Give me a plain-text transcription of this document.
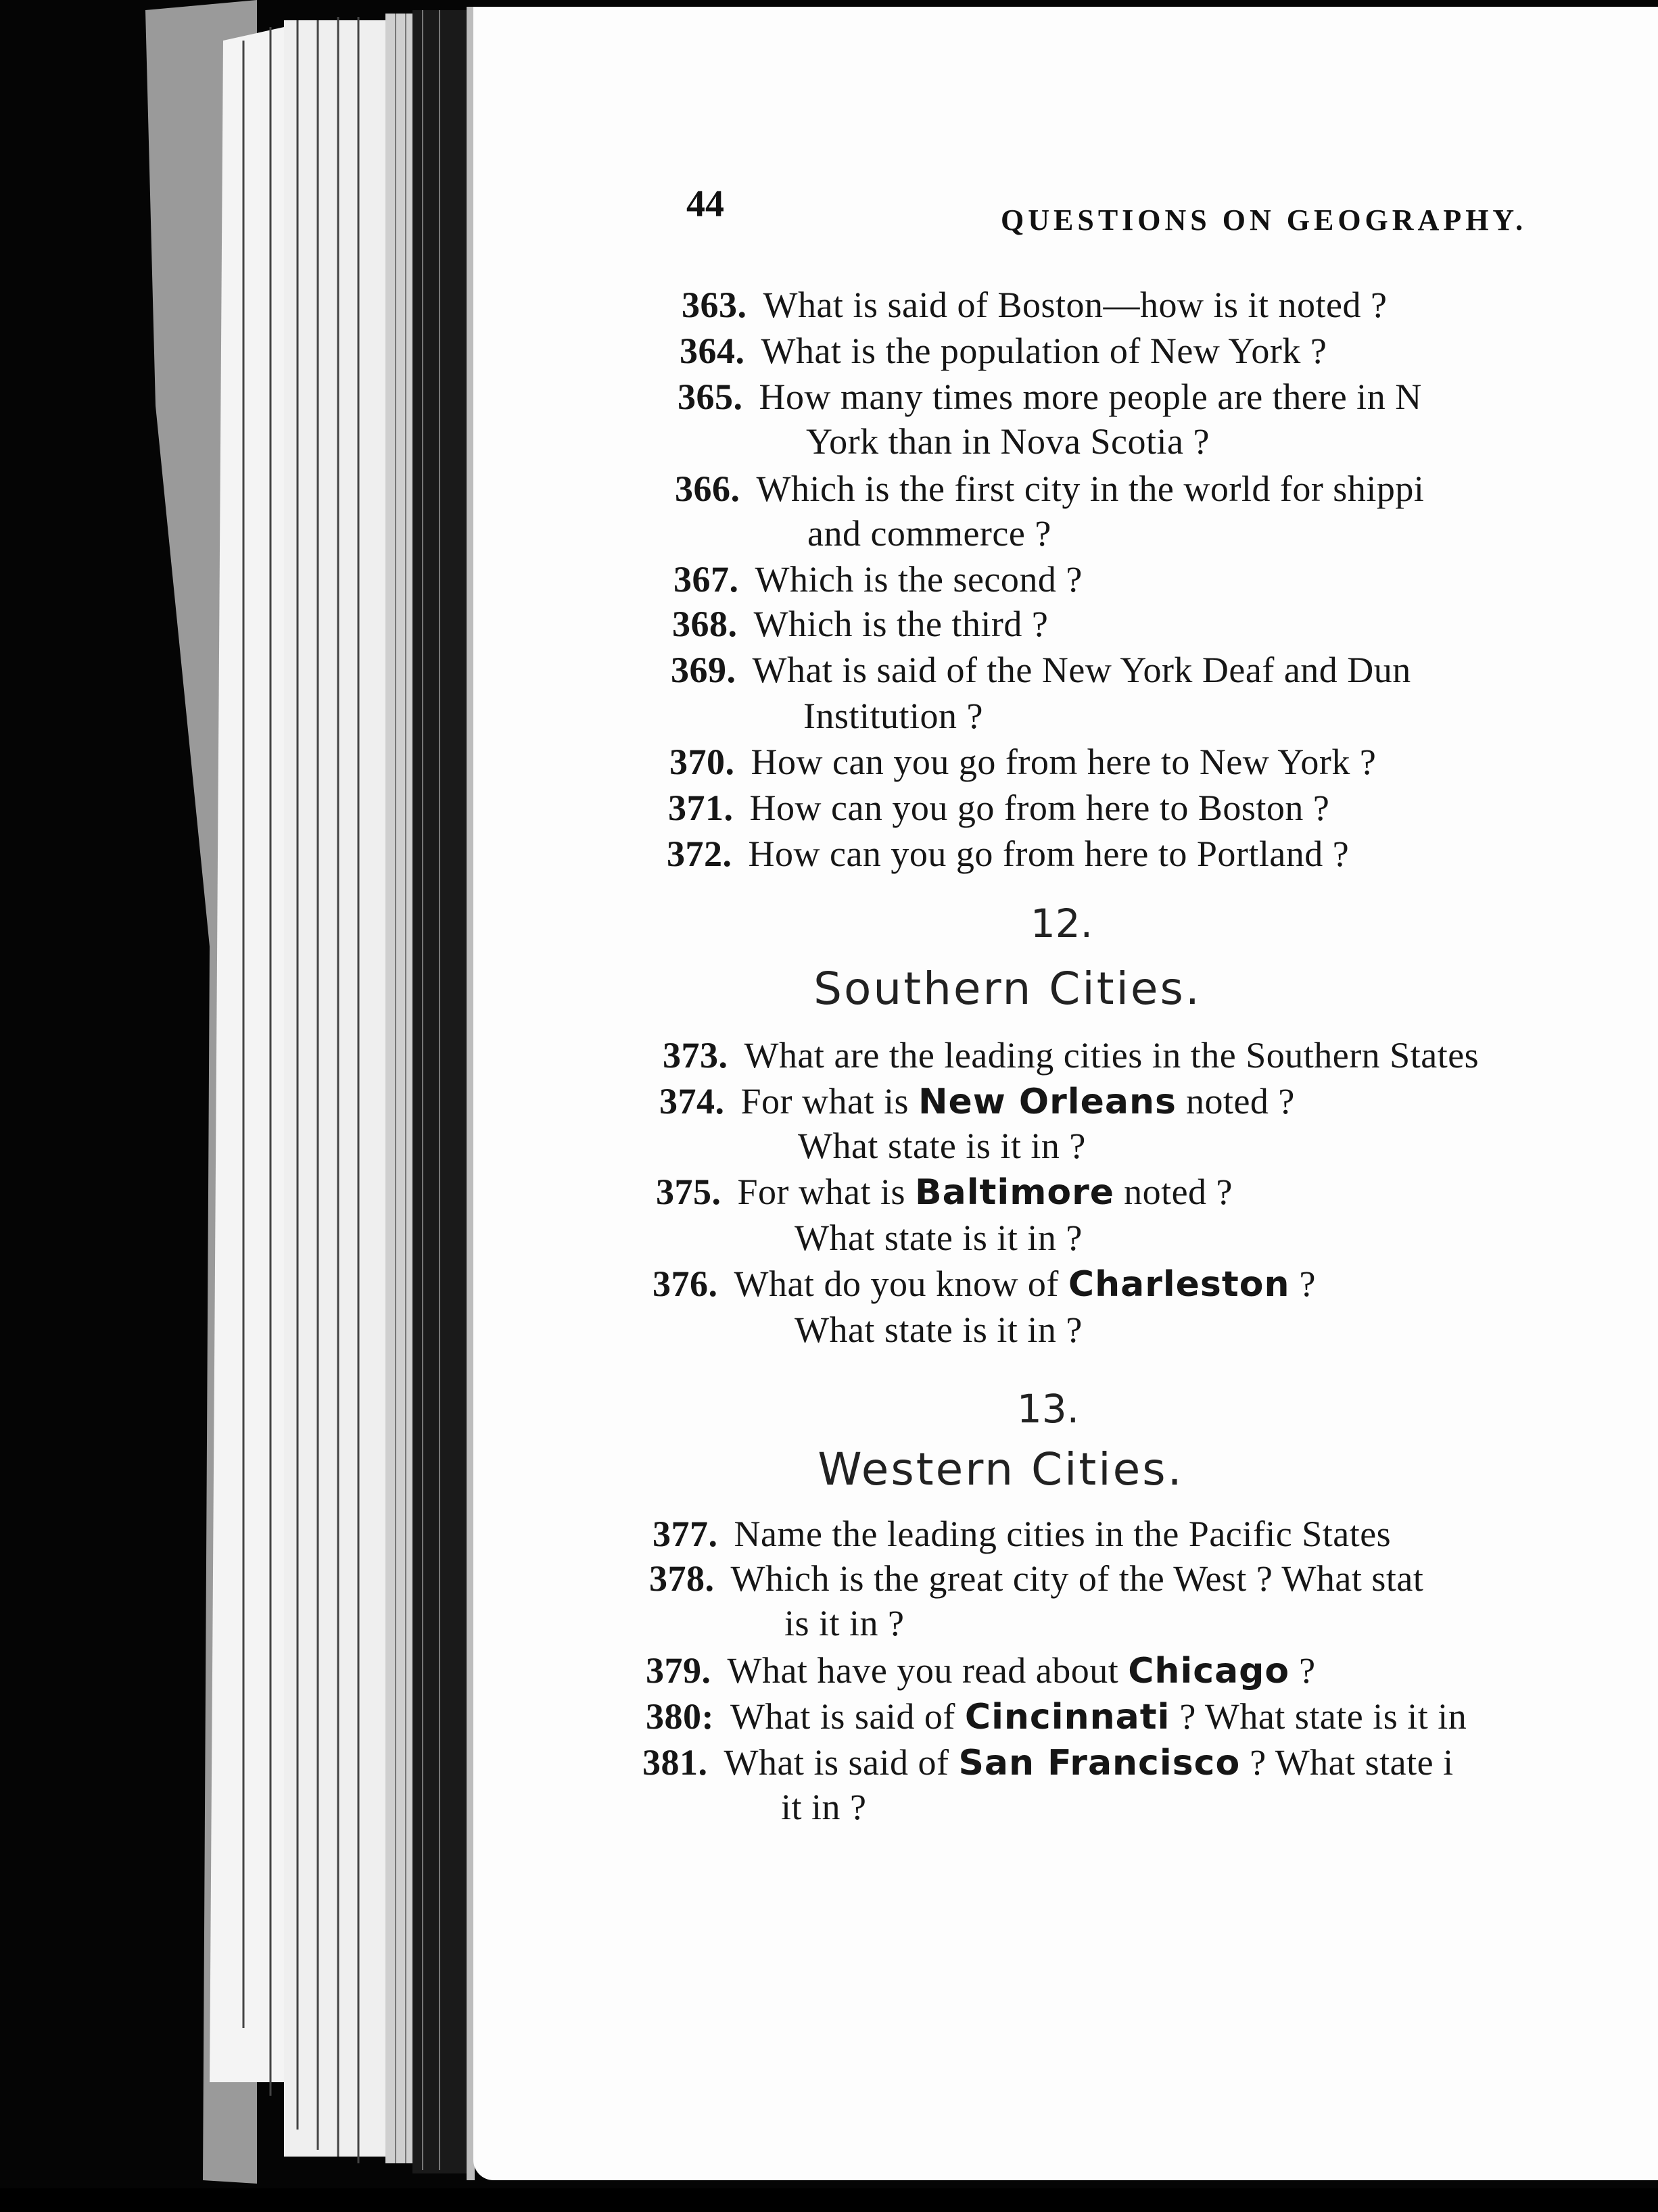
44	QUESTIONS ON GEOGRAPHY.
363. What is said of Boston—how is it noted ?
364. What is the population of New York ?
365. How many times more people are there in N
York than in Nova Scotia ?
366. Which is the first city in the world for shippi
and commerce ?
367. Which is the second ?
368. Which is the third ?
369. What is said of the New York Deaf and Dun
Institution ?
370. How can you go from here to New York ?
371. How can you go from here to Boston ?
372. How can you go from here to Portland ?
12.
Southern Cities.
373. What are the leading cities in the Southern States
374. For what is New Orleans noted ?
What state is it in ?
375. For what is Baltimore noted ?
What state is it in ?
376. What do you know of Charleston ?
What state is it in ?
13.
Western Cities.
377. Name the leading cities in the Pacific States
378. Which is the great city of the West ? What stat
is it in ?
379. What have you read about Chicago ?
380: What is said of Cincinnati ? What state is it in
381. What is said of San Francisco ? What state i
it in ?
